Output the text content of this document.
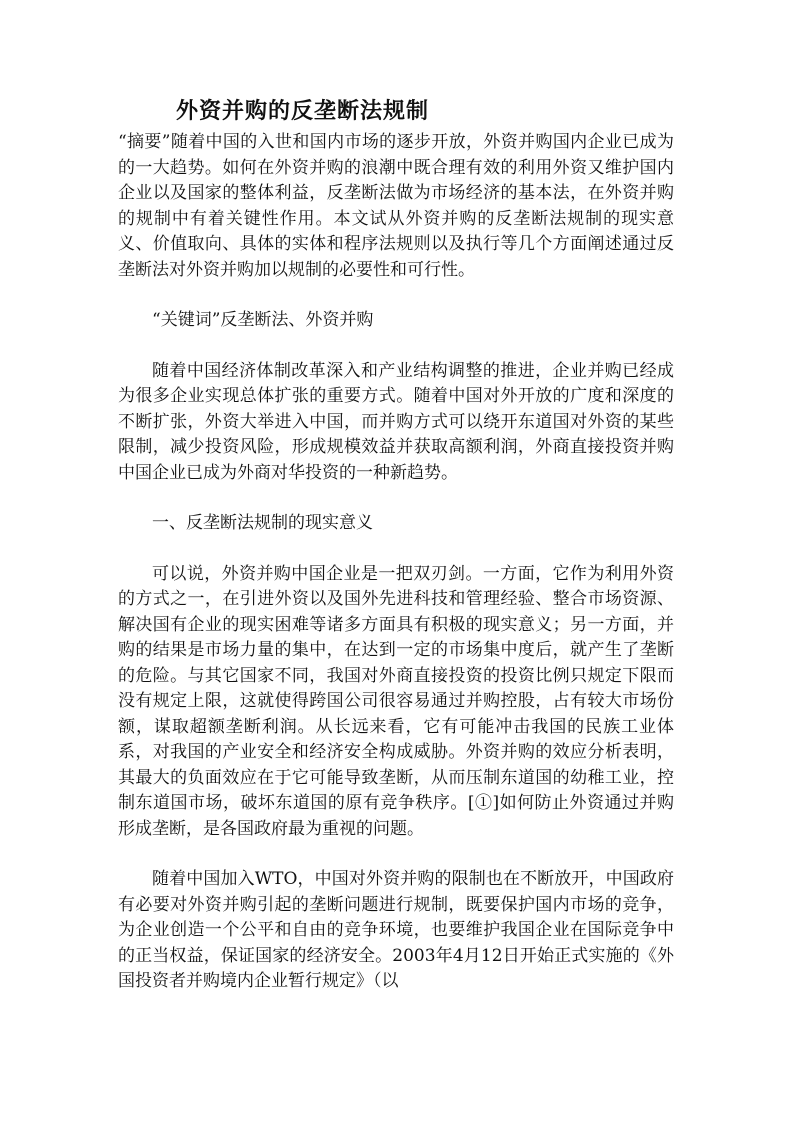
外资并购的反垄断法规制

“摘要”随着中国的入世和国内市场的逐步开放，外资并购国内企业已成为的一大趋势。如何在外资并购的浪潮中既合理有效的利用外资又维护国内企业以及国家的整体利益，反垄断法做为市场经济的基本法，在外资并购的规制中有着关键性作用。本文试从外资并购的反垄断法规制的现实意义、价值取向、具体的实体和程序法规则以及执行等几个方面阐述通过反垄断法对外资并购加以规制的必要性和可行性。

“关键词”反垄断法、外资并购

随着中国经济体制改革深入和产业结构调整的推进，企业并购已经成为很多企业实现总体扩张的重要方式。随着中国对外开放的广度和深度的不断扩张，外资大举进入中国，而并购方式可以绕开东道国对外资的某些限制，减少投资风险，形成规模效益并获取高额利润，外商直接投资并购中国企业已成为外商对华投资的一种新趋势。

一、反垄断法规制的现实意义

可以说，外资并购中国企业是一把双刃剑。一方面，它作为利用外资的方式之一，在引进外资以及国外先进科技和管理经验、整合市场资源、解决国有企业的现实困难等诸多方面具有积极的现实意义；另一方面，并购的结果是市场力量的集中，在达到一定的市场集中度后，就产生了垄断的危险。与其它国家不同，我国对外商直接投资的投资比例只规定下限而没有规定上限，这就使得跨国公司很容易通过并购控股，占有较大市场份额，谋取超额垄断利润。从长远来看，它有可能冲击我国的民族工业体系，对我国的产业安全和经济安全构成威胁。外资并购的效应分析表明，其最大的负面效应在于它可能导致垄断，从而压制东道国的幼稚工业，控制东道国市场，破坏东道国的原有竞争秩序。[①]如何防止外资通过并购形成垄断，是各国政府最为重视的问题。

随着中国加入WTO，中国对外资并购的限制也在不断放开，中国政府有必要对外资并购引起的垄断问题进行规制，既要保护国内市场的竞争，为企业创造一个公平和自由的竞争环境，也要维护我国企业在国际竞争中的正当权益，保证国家的经济安全。2003年4月12日开始正式实施的《外国投资者并购境内企业暂行规定》（以
